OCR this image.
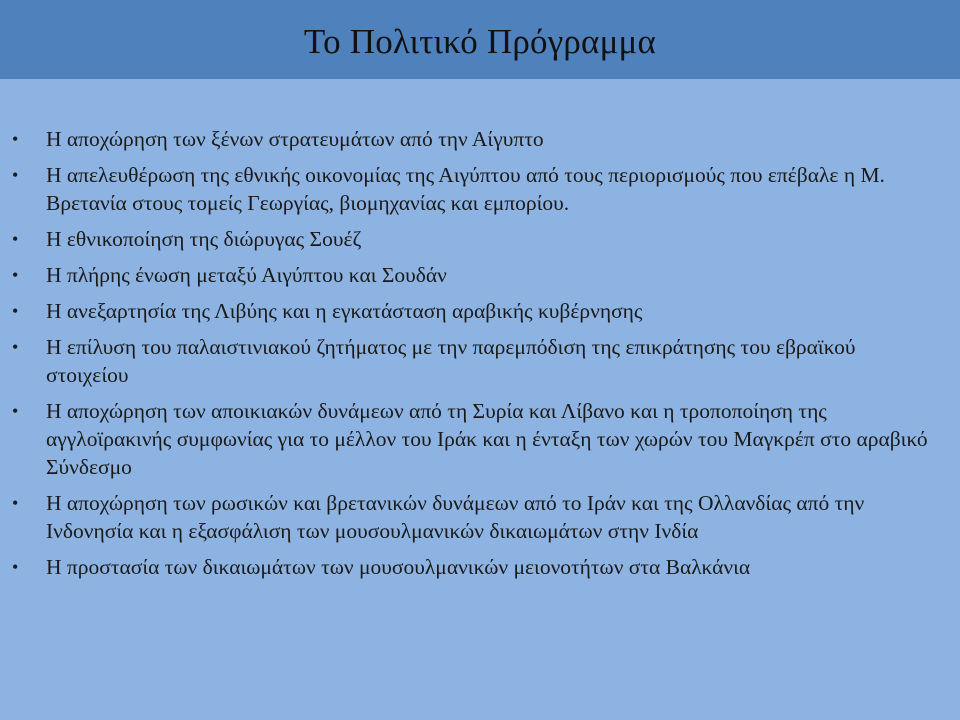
Το Πολιτικό Πρόγραμμα
•	Η αποχώρηση των ξένων στρατευμάτων από την Αίγυπτο
•	Η απελευθέρωση της εθνικής οικονομίας της Αιγύπτου από τους περιορισμούς που επέβαλε η Μ. Βρετανία στους τομείς Γεωργίας, βιομηχανίας και εμπορίου.
•	Η εθνικοποίηση της διώρυγας Σουέζ
•	Η πλήρης ένωση μεταξύ Αιγύπτου και Σουδάν
•	Η ανεξαρτησία της Λιβύης και η εγκατάσταση αραβικής κυβέρνησης
•	Η επίλυση του παλαιστινιακού ζητήματος με την παρεμπόδιση της επικράτησης του εβραϊκού στοιχείου
•	Η αποχώρηση των αποικιακών δυνάμεων από τη Συρία και Λίβανο και η τροποποίηση της αγγλοϊρακινής συμφωνίας για το μέλλον του Ιράκ και η ένταξη των χωρών του Μαγκρέπ στο αραβικό Σύνδεσμο
•	Η αποχώρηση των ρωσικών και βρετανικών δυνάμεων από το Ιράν και της Ολλανδίας από την Ινδονησία και η εξασφάλιση των μουσουλμανικών δικαιωμάτων στην Ινδία
•	Η προστασία των δικαιωμάτων των μουσουλμανικών μειονοτήτων στα Βαλκάνια
